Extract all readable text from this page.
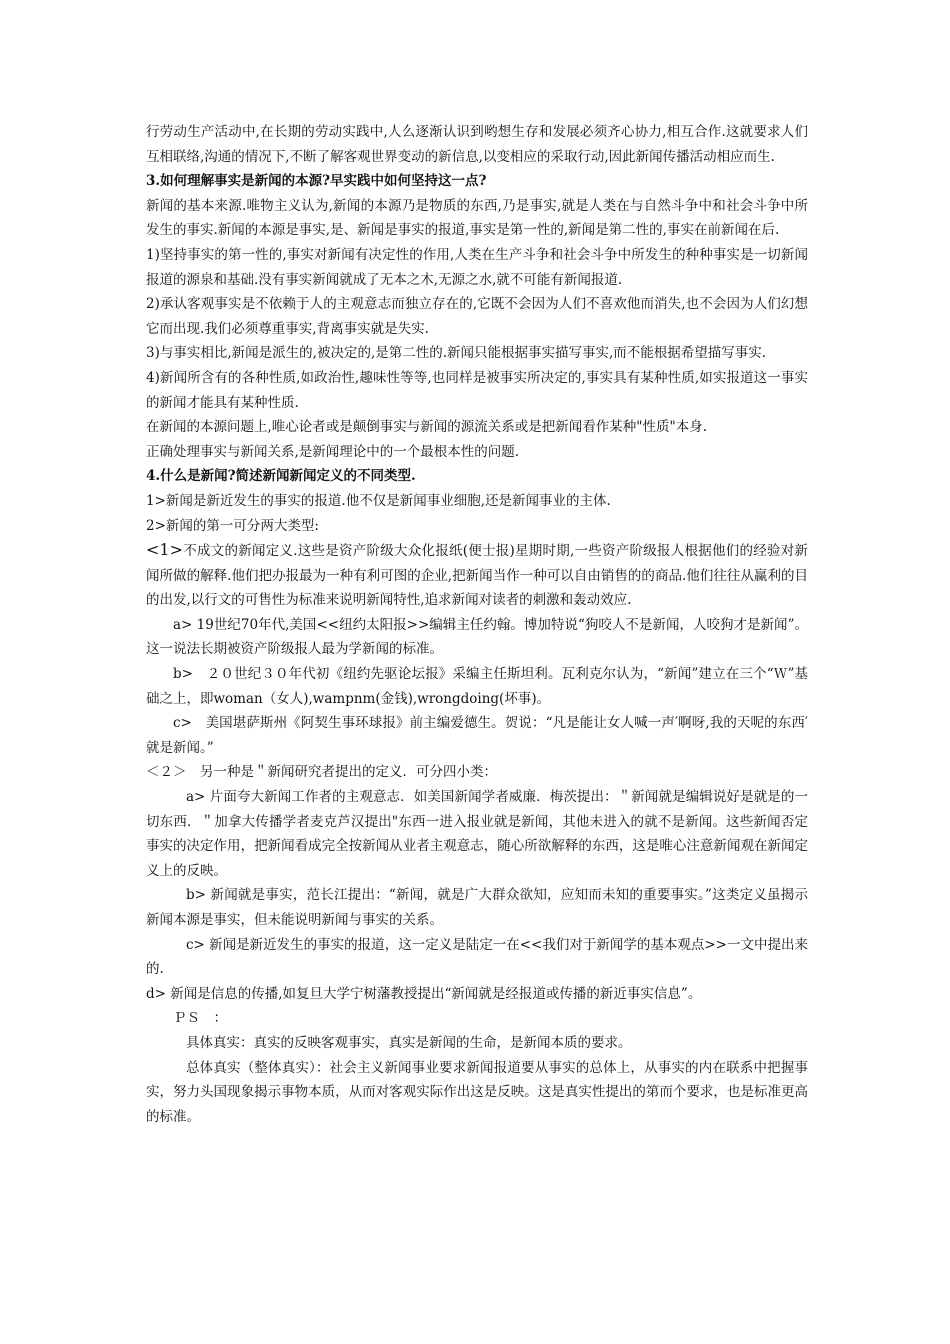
行劳动生产活动中,在长期的劳动实践中,人么逐渐认识到哟想生存和发展必须齐心协力,相互合作.这就要求人们互相联络,沟通的情况下,不断了解客观世界变动的新信息,以变相应的采取行动,因此新闻传播活动相应而生.

3.如何理解事实是新闻的本源?早实践中如何坚持这一点?

新闻的基本来源.唯物主义认为,新闻的本源乃是物质的东西,乃是事实,就是人类在与自然斗争中和社会斗争中所发生的事实.新闻的本源是事实,是、新闻是事实的报道,事实是第一性的,新闻是第二性的,事实在前新闻在后.

1)坚持事实的第一性的,事实对新闻有决定性的作用,人类在生产斗争和社会斗争中所发生的种种事实是一切新闻报道的源泉和基础.没有事实新闻就成了无本之木,无源之水,就不可能有新闻报道.

2)承认客观事实是不依赖于人的主观意志而独立存在的,它既不会因为人们不喜欢他而消失,也不会因为人们幻想它而出现.我们必须尊重事实,背离事实就是失实.

3)与事实相比,新闻是派生的,被决定的,是第二性的.新闻只能根据事实描写事实,而不能根据希望描写事实.

4)新闻所含有的各种性质,如政治性,趣味性等等,也同样是被事实所决定的,事实具有某种性质,如实报道这一事实的新闻才能具有某种性质.

在新闻的本源问题上,唯心论者或是颠倒事实与新闻的源流关系或是把新闻看作某种"性质"本身.

正确处理事实与新闻关系,是新闻理论中的一个最根本性的问题.

4.什么是新闻?简述新闻新闻定义的不同类型.

1>新闻是新近发生的事实的报道.他不仅是新闻事业细胞,还是新闻事业的主体.

2>新闻的第一可分两大类型:

<1>不成文的新闻定义.这些是资产阶级大众化报纸(便士报)星期时期,一些资产阶级报人根据他们的经验对新闻所做的解释.他们把办报最为一种有利可图的企业,把新闻当作一种可以自由销售的的商品.他们往往从赢利的目的出发,以行文的可售性为标准来说明新闻特性,追求新闻对读者的刺激和轰动效应.

a> 19世纪70年代,美国<<纽约太阳报>>编辑主任约翰。博加特说“狗咬人不是新闻，人咬狗才是新闻”。这一说法长期被资产阶级报人最为学新闻的标准。

b>　２０世纪３０年代初《纽约先驱论坛报》采编主任斯坦利。瓦利克尔认为，“新闻”建立在三个“Ｗ”基础之上，即woman（女人),wampnm(金钱),wrongdoing(坏事)。

c>　美国堪萨斯州《阿契生事环球报》前主编爱德生。贺说：“凡是能让女人喊一声′啊呀,我的天呢的东西′就是新闻。”

＜２＞　另一种是＂新闻研究者提出的定义．可分四小类：

a> 片面夸大新闻工作者的主观意志．如美国新闻学者威廉．梅茨提出：＂新闻就是编辑说好是就是的一切东西．＂加拿大传播学者麦克芦汉提出"东西一进入报业就是新闻，其他未进入的就不是新闻。这些新闻否定事实的决定作用，把新闻看成完全按新闻从业者主观意志，随心所欲解释的东西，这是唯心注意新闻观在新闻定义上的反映。

b> 新闻就是事实，范长江提出：“新闻，就是广大群众欲知，应知而未知的重要事实。”这类定义虽揭示新闻本源是事实，但未能说明新闻与事实的关系。

c> 新闻是新近发生的事实的报道，这一定义是陆定一在<<我们对于新闻学的基本观点>>一文中提出来的.

d> 新闻是信息的传播,如复旦大学宁树藩教授提出“新闻就是经报道或传播的新近事实信息”。

ＰＳ　：

具体真实：真实的反映客观事实，真实是新闻的生命，是新闻本质的要求。

总体真实（整体真实）：社会主义新闻事业要求新闻报道要从事实的总体上，从事实的内在联系中把握事实，努力头国现象揭示事物本质，从而对客观实际作出这是反映。这是真实性提出的第而个要求，也是标准更高的标准。
